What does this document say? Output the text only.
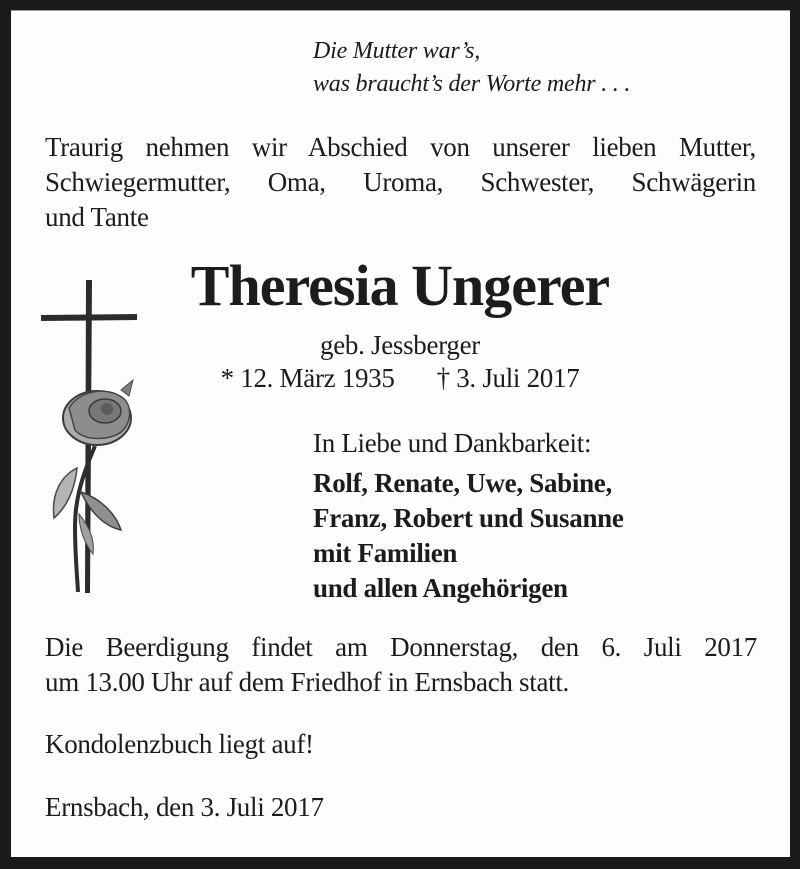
Die Mutter war’s,
was braucht’s der Worte mehr . . .
Traurig nehmen wir Abschied von unserer lieben Mutter,
Schwiegermutter, Oma, Uroma, Schwester, Schwägerin
und Tante
Theresia Ungerer
geb. Jessberger
* 12. März 1935 † 3. Juli 2017
In Liebe und Dankbarkeit:
Rolf, Renate, Uwe, Sabine,
Franz, Robert und Susanne
mit Familien
und allen Angehörigen
Die Beerdigung findet am Donnerstag, den 6. Juli 2017
um 13.00 Uhr auf dem Friedhof in Ernsbach statt.
Kondolenzbuch liegt auf!
Ernsbach, den 3. Juli 2017
